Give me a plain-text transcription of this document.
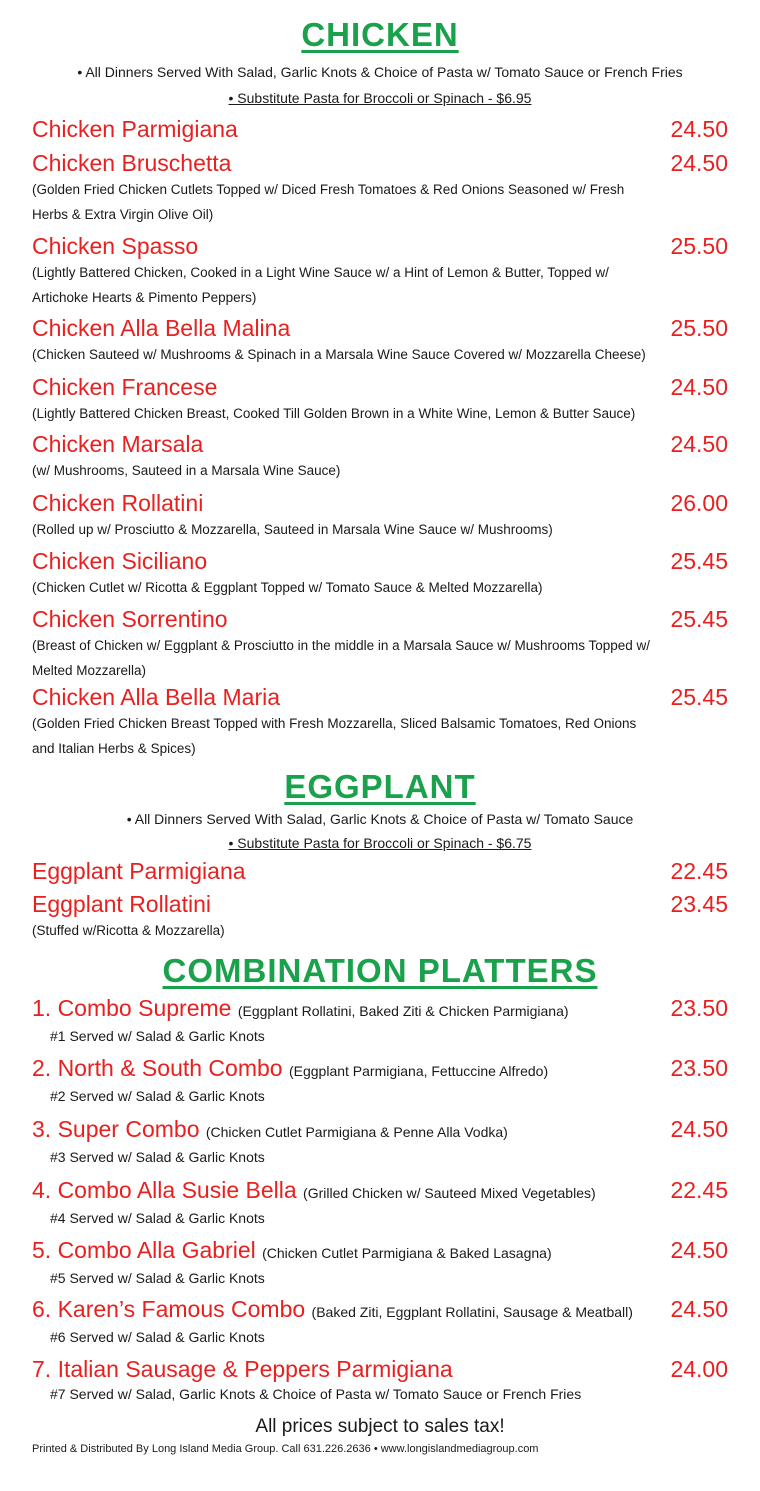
CHICKEN

• All Dinners Served With Salad, Garlic Knots & Choice of Pasta w/ Tomato Sauce or French Fries

• Substitute Pasta for Broccoli or Spinach - $6.95

Chicken Parmigiana	24.50
Chicken Bruschetta	24.50
(Golden Fried Chicken Cutlets Topped w/ Diced Fresh Tomatoes & Red Onions Seasoned w/ Fresh Herbs & Extra Virgin Olive Oil)
Chicken Spasso	25.50
(Lightly Battered Chicken, Cooked in a Light Wine Sauce w/ a Hint of Lemon & Butter, Topped w/ Artichoke Hearts & Pimento Peppers)
Chicken Alla Bella Malina	25.50
(Chicken Sauteed w/ Mushrooms & Spinach in a Marsala Wine Sauce Covered w/ Mozzarella Cheese)
Chicken Francese	24.50
(Lightly Battered Chicken Breast, Cooked Till Golden Brown in a White Wine, Lemon & Butter Sauce)
Chicken Marsala	24.50
(w/ Mushrooms, Sauteed in a Marsala Wine Sauce)
Chicken Rollatini	26.00
(Rolled up w/ Prosciutto & Mozzarella, Sauteed in Marsala Wine Sauce w/ Mushrooms)
Chicken Siciliano	25.45
(Chicken Cutlet w/ Ricotta & Eggplant Topped w/ Tomato Sauce & Melted Mozzarella)
Chicken Sorrentino	25.45
(Breast of Chicken w/ Eggplant & Prosciutto in the middle in a Marsala Sauce w/ Mushrooms Topped w/ Melted Mozzarella)
Chicken Alla Bella Maria	25.45
(Golden Fried Chicken Breast Topped with Fresh Mozzarella, Sliced Balsamic Tomatoes, Red Onions and Italian Herbs & Spices)
EGGPLANT

• All Dinners Served With Salad, Garlic Knots & Choice of Pasta w/ Tomato Sauce

• Substitute Pasta for Broccoli or Spinach - $6.75

Eggplant Parmigiana	22.45
Eggplant Rollatini	23.45
(Stuffed w/Ricotta & Mozzarella)
COMBINATION PLATTERS
1. Combo Supreme (Eggplant Rollatini, Baked Ziti & Chicken Parmigiana)	23.50
#1 Served w/ Salad & Garlic Knots
2. North & South Combo (Eggplant Parmigiana, Fettuccine Alfredo)	23.50
#2 Served w/ Salad & Garlic Knots
3. Super Combo (Chicken Cutlet Parmigiana & Penne Alla Vodka)	24.50
#3 Served w/ Salad & Garlic Knots
4. Combo Alla Susie Bella (Grilled Chicken w/ Sauteed Mixed Vegetables)	22.45
#4 Served w/ Salad & Garlic Knots
5. Combo Alla Gabriel (Chicken Cutlet Parmigiana & Baked Lasagna)	24.50
#5 Served w/ Salad & Garlic Knots
6. Karen’s Famous Combo (Baked Ziti, Eggplant Rollatini, Sausage & Meatball)	24.50
#6 Served w/ Salad & Garlic Knots
7. Italian Sausage & Peppers Parmigiana	24.00
#7 Served w/ Salad, Garlic Knots & Choice of Pasta w/ Tomato Sauce or French Fries

All prices subject to sales tax!

Printed & Distributed By Long Island Media Group. Call 631.226.2636 • www.longislandmediagroup.com
